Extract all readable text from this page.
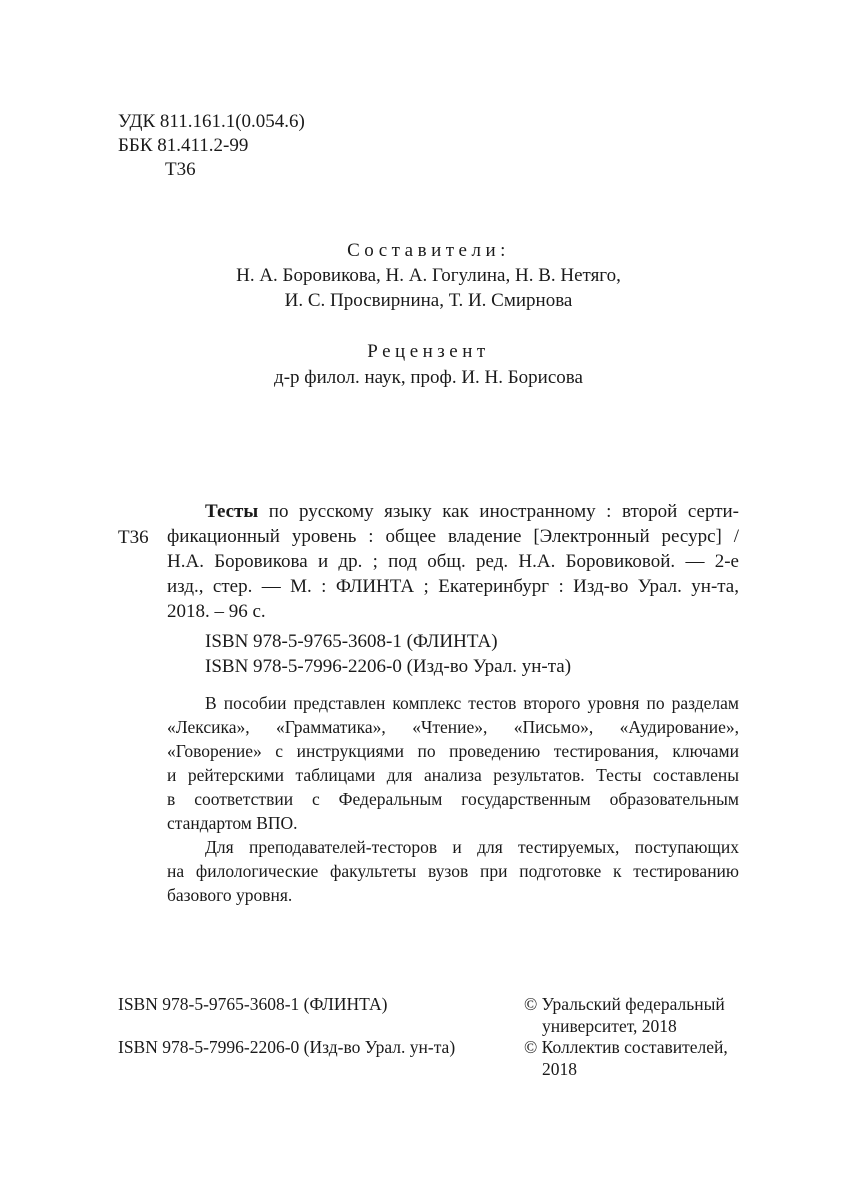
УДК 811.161.1(0.054.6)
ББК 81.411.2-99
Т36
Составители:
Н. А. Боровикова, Н. А. Гогулина, Н. В. Нетяго,
И. С. Просвирнина, Т. И. Смирнова
Рецензент
д-р филол. наук, проф. И. Н. Борисова
Т36
Тесты по русскому языку как иностранному : второй серти-
фикационный уровень : общее владение [Электронный ресурс] /
Н.А. Боровикова и др. ; под общ. ред. Н.А. Боровиковой. — 2-е
изд., стер. — М. : ФЛИНТА ; Екатеринбург : Изд-во Урал. ун-та,
2018. – 96 с.
ISBN 978-5-9765-3608-1 (ФЛИНТА)
ISBN 978-5-7996-2206-0 (Изд-во Урал. ун-та)
В пособии представлен комплекс тестов второго уровня по разделам
«Лексика», «Грамматика», «Чтение», «Письмо», «Аудирование»,
«Говорение» с инструкциями по проведению тестирования, ключами
и рейтерскими таблицами для анализа результатов. Тесты составлены
в соответствии с Федеральным государственным образовательным
стандартом ВПО.
Для преподавателей-тесторов и для тестируемых, поступающих
на филологические факультеты вузов при подготовке к тестированию
базового уровня.
ISBN 978-5-9765-3608-1 (ФЛИНТА)
ISBN 978-5-7996-2206-0 (Изд-во Урал. ун-та)
© Уральский федеральный
университет, 2018
© Коллектив составителей,
2018
